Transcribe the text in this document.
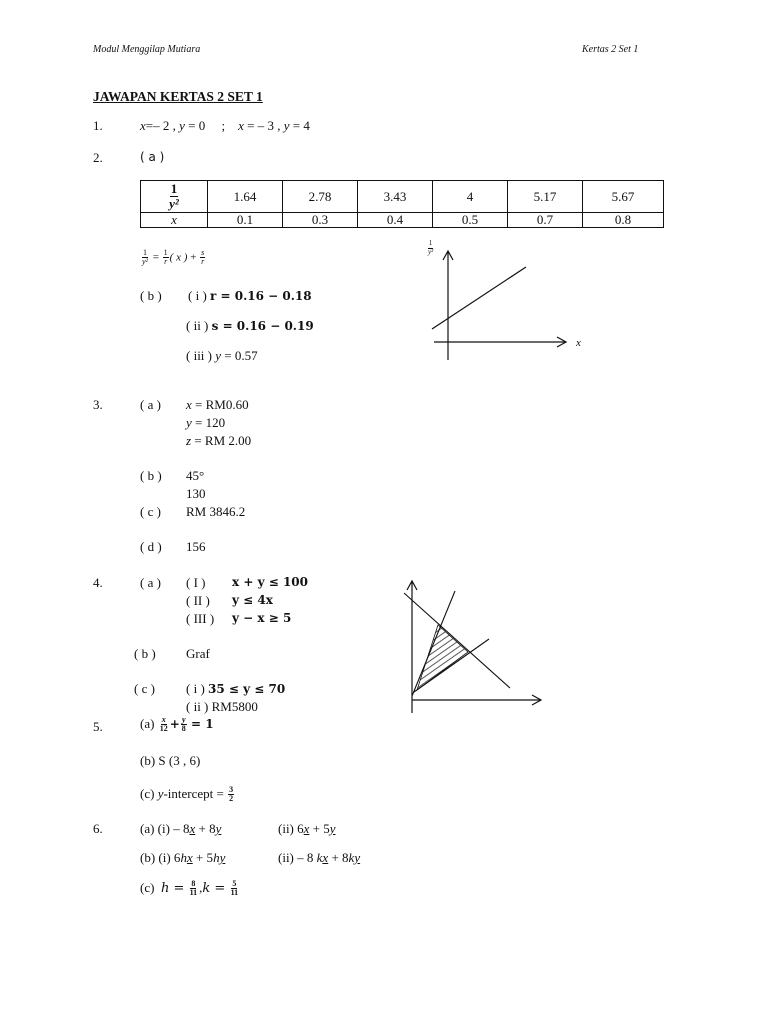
Modul Menggilap Mutiara	Kertas 2 Set 1
JAWAPAN KERTAS 2 SET 1
1.	x=– 2 , y = 0 ; x = – 3 , y = 4
2.	( a )
$\frac{1}{\text{y²}}$	1.64	2.78	3.43	4	5.17	5.67
x	0.1	0.3	0.4	0.5	0.7	0.8
$\frac{1}{\text{y²}} = \frac{1}{r}$ ( x ) + $\frac{s}{r}$
( b ) ( i ) r = 0.16 − 0.18
( ii ) s = 0.16 − 0.19
( iii ) y = 0.57
$\frac{1}{\text{y²}}$
x
3.	( a ) x = RM0.60
y = 120
z = RM 2.00
( b ) 45°
130
( c ) RM 3846.2
( d ) 156
4.	( a ) ( I ) x + y ≤ 100
( II ) y ≤ 4x
( III ) y − x ≥ 5
( b ) Graf
( c ) ( i ) 35 ≤ y ≤ 70
( ii ) RM5800
5.	$(a) \frac{x}{12} + \frac{y}{8} = 1$
(b) S (3 , 6)
(c) y-intercept = $\frac{3}{2}$
6.	(a) (i) – 8x + 8y	(ii) 6x + 5y
(b) (i) 6hx + 5hy	(ii) – 8 kx + 8ky
(c) $h = \frac{8}{11} ,k = \frac{5}{11}$
